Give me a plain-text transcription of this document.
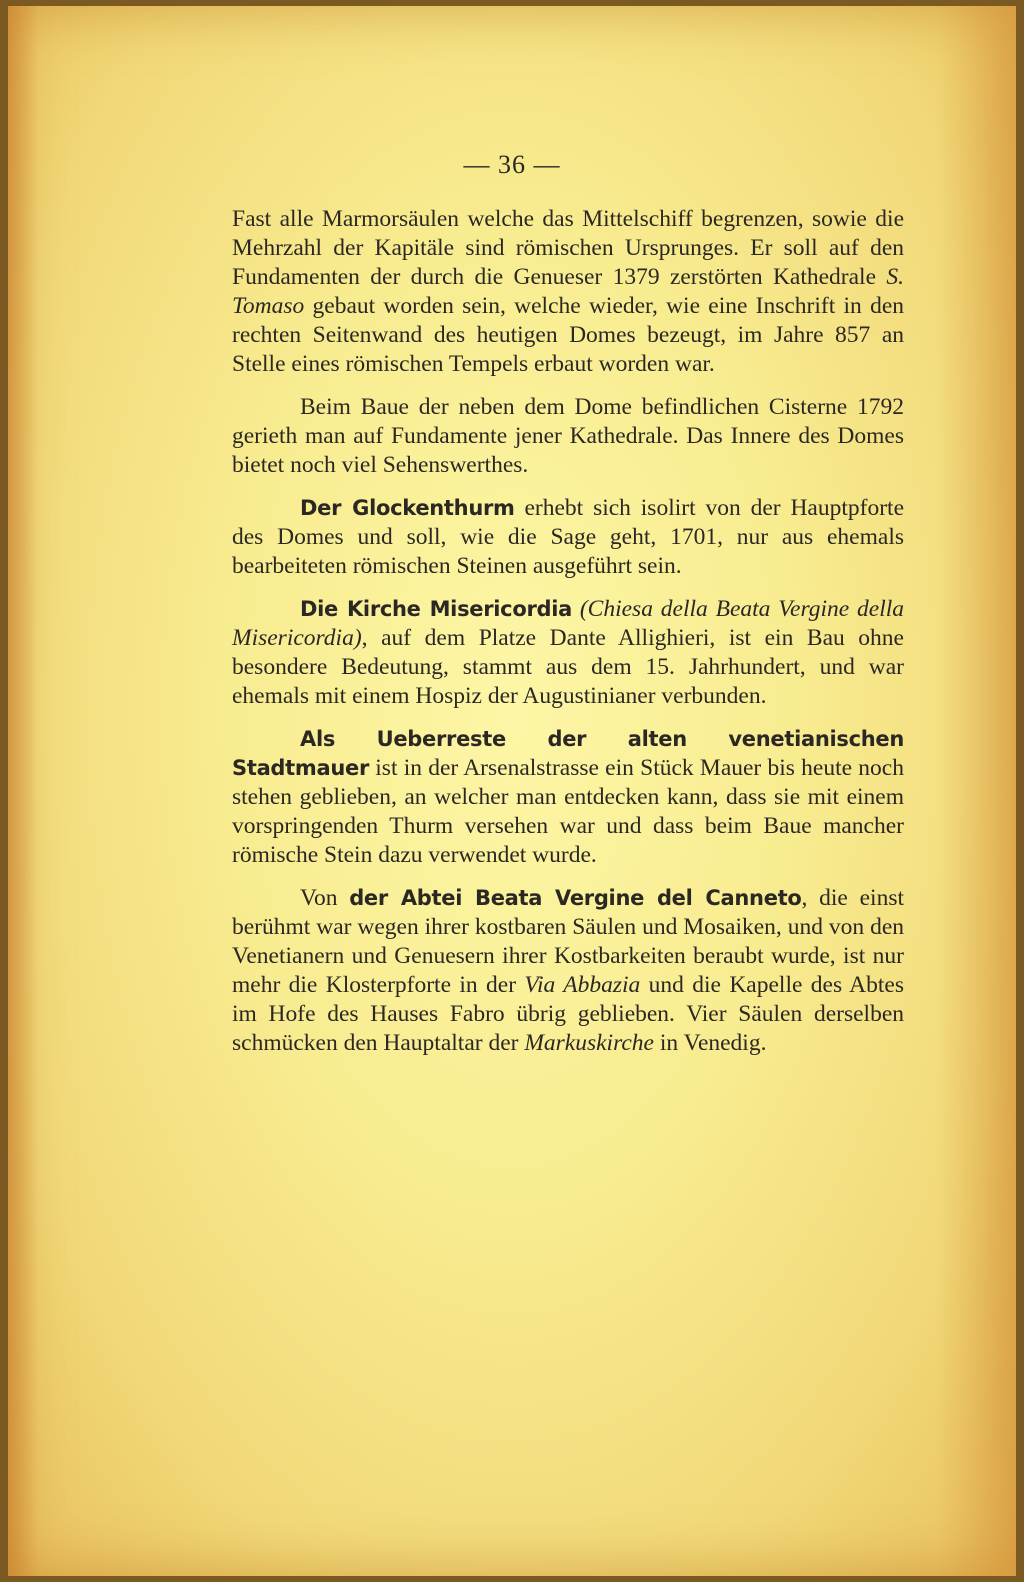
— 36 —

Fast alle Marmorsäulen welche das Mittelschiff begrenzen, sowie die Mehrzahl der Kapitäle sind römischen Ursprunges. Er soll auf den Fundamenten der durch die Genueser 1379 zerstörten Kathedrale S. Tomaso gebaut worden sein, welche wieder, wie eine Inschrift in den rechten Seitenwand des heutigen Domes bezeugt, im Jahre 857 an Stelle eines römischen Tempels erbaut worden war.

Beim Baue der neben dem Dome befindlichen Cisterne 1792 gerieth man auf Fundamente jener Kathedrale. Das Innere des Domes bietet noch viel Sehenswerthes.

Der Glockenthurm erhebt sich isolirt von der Hauptpforte des Domes und soll, wie die Sage geht, 1701, nur aus ehemals bearbeiteten römischen Steinen ausgeführt sein.

Die Kirche Misericordia (Chiesa della Beata Vergine della Misericordia), auf dem Platze Dante Allighieri, ist ein Bau ohne besondere Bedeutung, stammt aus dem 15. Jahrhundert, und war ehemals mit einem Hospiz der Augustinianer verbunden.

Als Ueberreste der alten venetianischen Stadtmauer ist in der Arsenalstrasse ein Stück Mauer bis heute noch stehen geblieben, an welcher man entdecken kann, dass sie mit einem vorspringenden Thurm versehen war und dass beim Baue mancher römische Stein dazu verwendet wurde.

Von der Abtei Beata Vergine del Canneto, die einst berühmt war wegen ihrer kostbaren Säulen und Mosaiken, und von den Venetianern und Genuesern ihrer Kostbarkeiten beraubt wurde, ist nur mehr die Klosterpforte in der Via Abbazia und die Kapelle des Abtes im Hofe des Hauses Fabro übrig geblieben. Vier Säulen derselben schmücken den Hauptaltar der Markuskirche in Venedig.
